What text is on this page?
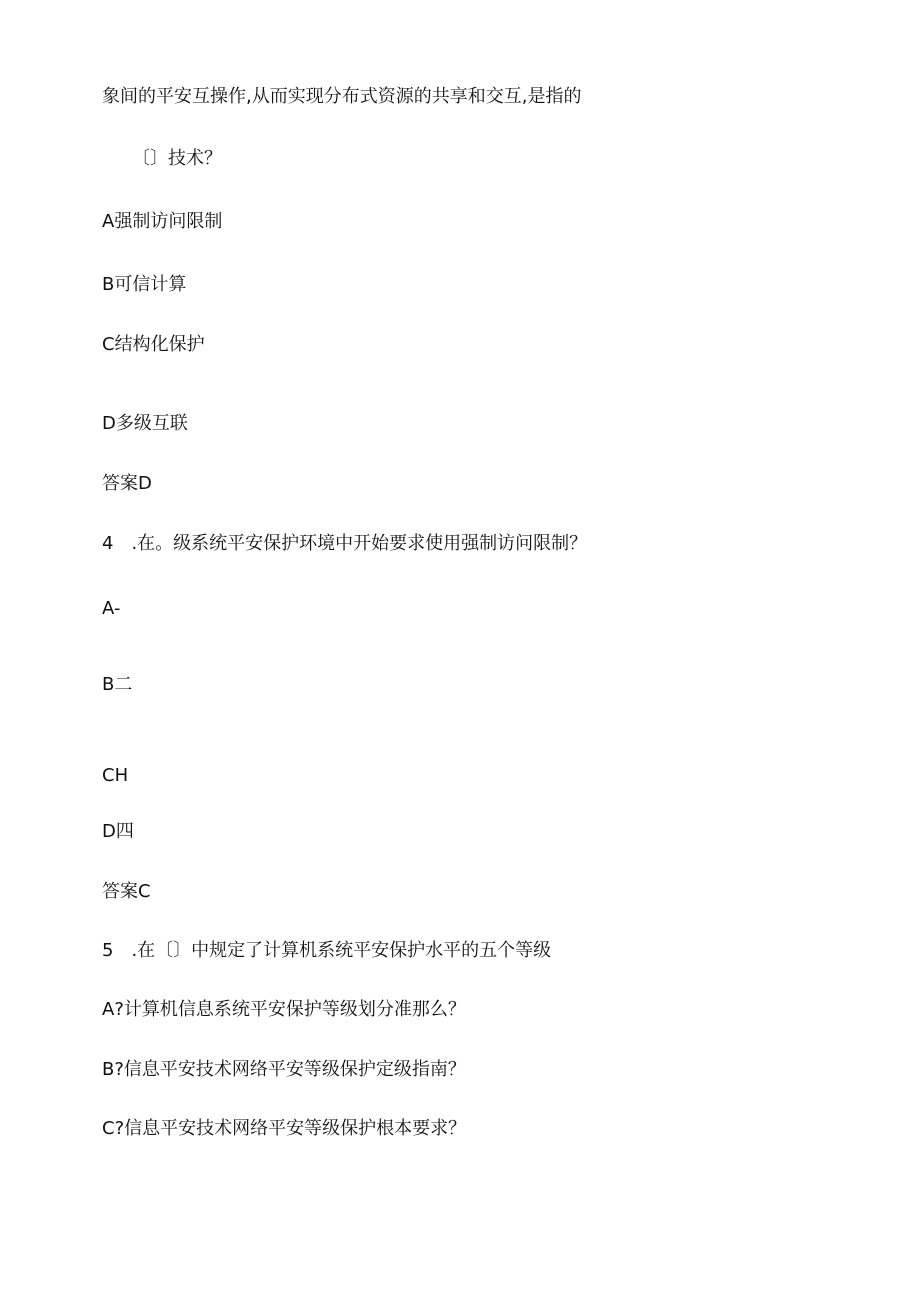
象间的平安互操作,从而实现分布式资源的共享和交互,是指的
〔〕技术？
A强制访问限制
B可信计算
C结构化保护
D多级互联
答案D
4　.在。级系统平安保护环境中开始要求使用强制访问限制？
A-
B二
CH
D四
答案C
5　.在〔〕中规定了计算机系统平安保护水平的五个等级
A?计算机信息系统平安保护等级划分准那么？
B?信息平安技术网络平安等级保护定级指南？
C?信息平安技术网络平安等级保护根本要求？
